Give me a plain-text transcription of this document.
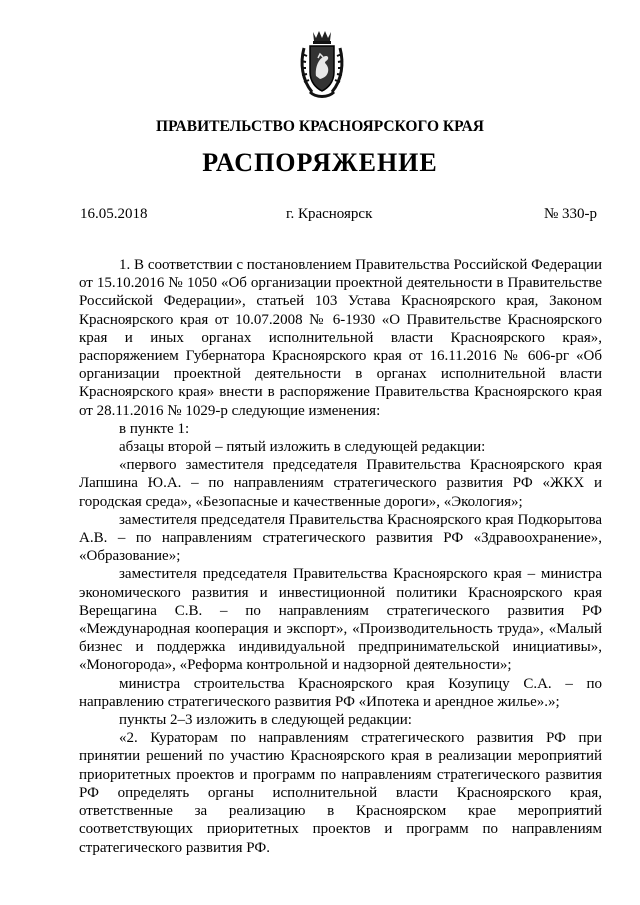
ПРАВИТЕЛЬСТВО КРАСНОЯРСКОГО КРАЯ
РАСПОРЯЖЕНИЕ
16.05.2018	г. Красноярск	№ 330-р

1. В соответствии с постановлением Правительства Российской Федерации от 15.10.2016 № 1050 «Об организации проектной деятельности в Правительстве Российской Федерации», статьей 103 Устава Красноярского края, Законом Красноярского края от 10.07.2008 № 6-1930 «О Правительстве Красноярского края и иных органах исполнительной власти Красноярского края», распоряжением Губернатора Красноярского края от 16.11.2016 № 606-рг «Об организации проектной деятельности в органах исполнительной власти Красноярского края» внести в распоряжение Правительства Красноярского края от 28.11.2016 № 1029-р следующие изменения:

в пункте 1:

абзацы второй – пятый изложить в следующей редакции:

«первого заместителя председателя Правительства Красноярского края Лапшина Ю.А. – по направлениям стратегического развития РФ «ЖКХ и городская среда», «Безопасные и качественные дороги», «Экология»;

заместителя председателя Правительства Красноярского края Подкорытова А.В. – по направлениям стратегического развития РФ «Здравоохранение», «Образование»;

заместителя председателя Правительства Красноярского края – министра экономического развития и инвестиционной политики Красноярского края Верещагина С.В. – по направлениям стратегического развития РФ «Международная кооперация и экспорт», «Производительность труда», «Малый бизнес и поддержка индивидуальной предпринимательской инициативы», «Моногорода», «Реформа контрольной и надзорной деятельности»;

министра строительства Красноярского края Козупицу С.А. – по направлению стратегического развития РФ «Ипотека и арендное жилье».»;

пункты 2–3 изложить в следующей редакции:

«2. Кураторам по направлениям стратегического развития РФ при принятии решений по участию Красноярского края в реализации мероприятий приоритетных проектов и программ по направлениям стратегического развития РФ определять органы исполнительной власти Красноярского края, ответственные за реализацию в Красноярском крае мероприятий соответствующих приоритетных проектов и программ по направлениям стратегического развития РФ.
